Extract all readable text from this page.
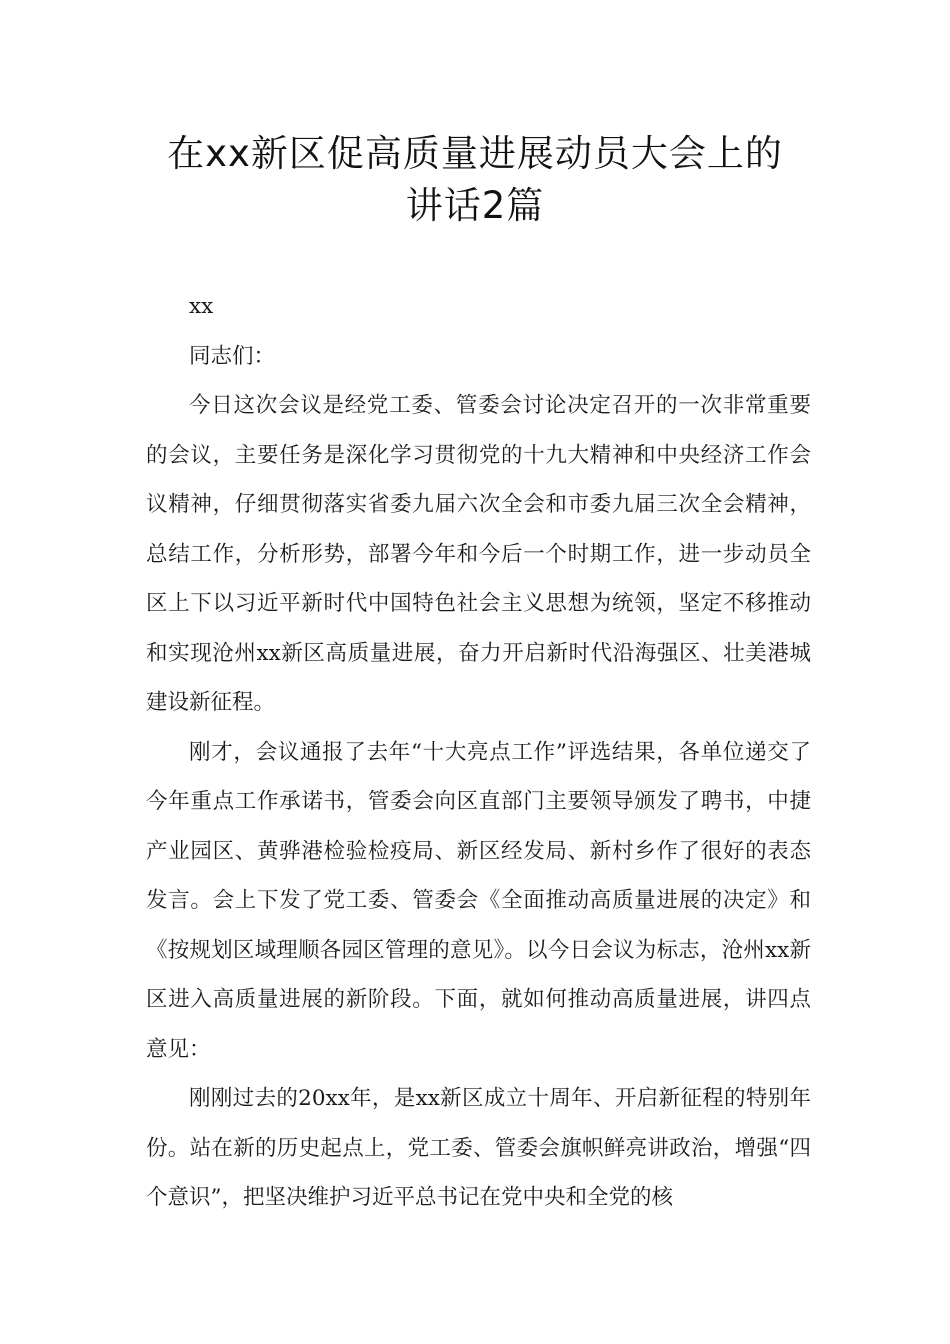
在xx新区促高质量进展动员大会上的
讲话2篇

xx

同志们：

今日这次会议是经党工委、管委会讨论决定召开的一次非常重要的会议，主要任务是深化学习贯彻党的十九大精神和中央经济工作会议精神，仔细贯彻落实省委九届六次全会和市委九届三次全会精神，总结工作，分析形势，部署今年和今后一个时期工作，进一步动员全区上下以习近平新时代中国特色社会主义思想为统领，坚定不移推动和实现沧州xx新区高质量进展，奋力开启新时代沿海强区、壮美港城建设新征程。

刚才，会议通报了去年“十大亮点工作”评选结果，各单位递交了今年重点工作承诺书，管委会向区直部门主要领导颁发了聘书，中捷产业园区、黄骅港检验检疫局、新区经发局、新村乡作了很好的表态发言。会上下发了党工委、管委会《全面推动高质量进展的决定》和《按规划区域理顺各园区管理的意见》。以今日会议为标志，沧州xx新区进入高质量进展的新阶段。下面，就如何推动高质量进展，讲四点意见：

刚刚过去的20xx年，是xx新区成立十周年、开启新征程的特别年份。站在新的历史起点上，党工委、管委会旗帜鲜亮讲政治，增强“四个意识”，把坚决维护习近平总书记在党中央和全党的核
